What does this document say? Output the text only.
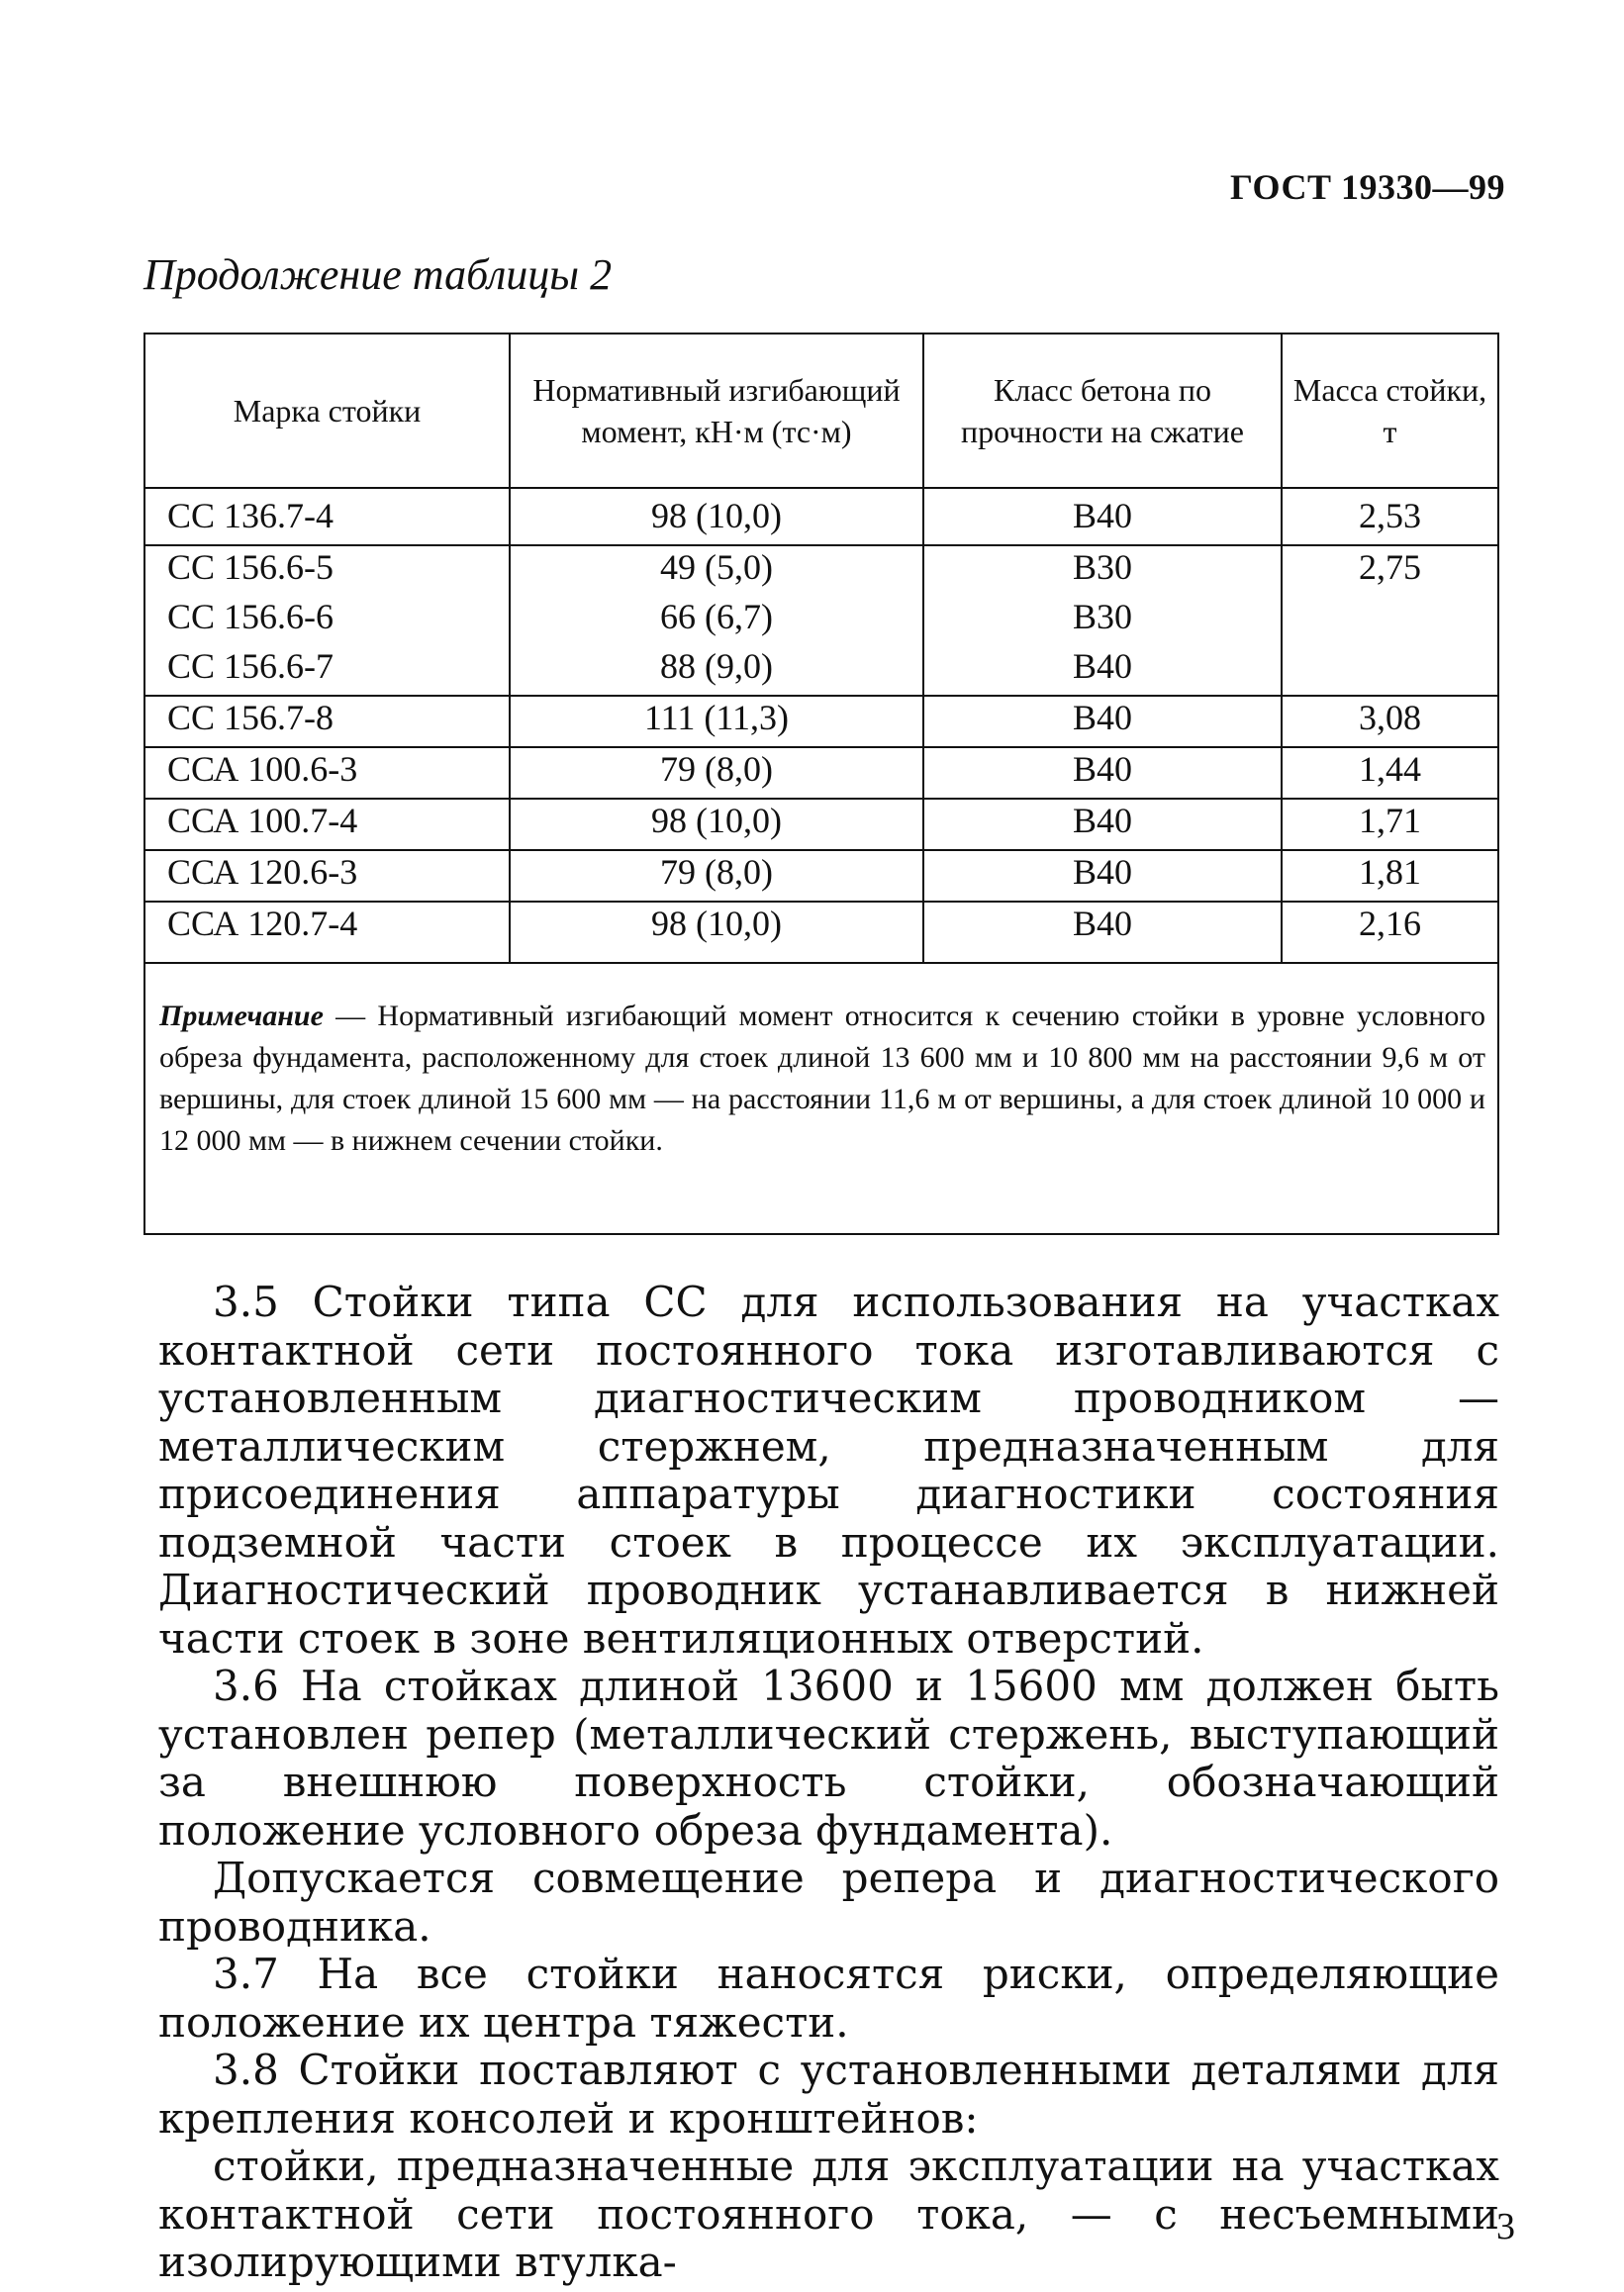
ГОСТ 19330—99
Продолжение таблицы 2
Марка стойки	Нормативный изгибающий момент, кН·м (тс·м)	Класс бетона по прочности на сжатие	Масса стойки, т
СС 136.7-4	98 (10,0)	В40	2,53
СС 156.6-5	49 (5,0)	В30	2,75
СС 156.6-6	66 (6,7)	В30	
СС 156.6-7	88 (9,0)	В40	
СС 156.7-8	111 (11,3)	В40	3,08
ССА 100.6-3	79 (8,0)	В40	1,44
ССА 100.7-4	98 (10,0)	В40	1,71
ССА 120.6-3	79 (8,0)	В40	1,81
ССА 120.7-4	98 (10,0)	В40	2,16
Примечание — Нормативный изгибающий момент относится к сечению стойки в уровне условного обреза фундамента, расположенному для стоек длиной 13 600 мм и 10 800 мм на расстоянии 9,6 м от вершины, для стоек длиной 15 600 мм — на расстоянии 11,6 м от вершины, а для стоек длиной 10 000 и 12 000 мм — в нижнем сечении стойки.

3.5 Стойки типа СС для использования на участках контактной сети постоянного тока изготавливаются с установленным диагностическим проводником — металлическим стержнем, предназначенным для присоединения аппаратуры диагностики состояния подземной части стоек в процессе их эксплуатации. Диагностический проводник устанавливается в нижней части стоек в зоне вентиляционных отверстий.

3.6 На стойках длиной 13600 и 15600 мм должен быть установлен репер (металлический стержень, выступающий за внешнюю поверхность стойки, обозначающий положение условного обреза фундамента).

Допускается совмещение репера и диагностического проводника.

3.7 На все стойки наносятся риски, определяющие положение их центра тяжести.

3.8 Стойки поставляют с установленными деталями для крепления консолей и кронштейнов:

стойки, предназначенные для эксплуатации на участках контактной сети постоянного тока, — с несъемными изолирующими втулка-

3
